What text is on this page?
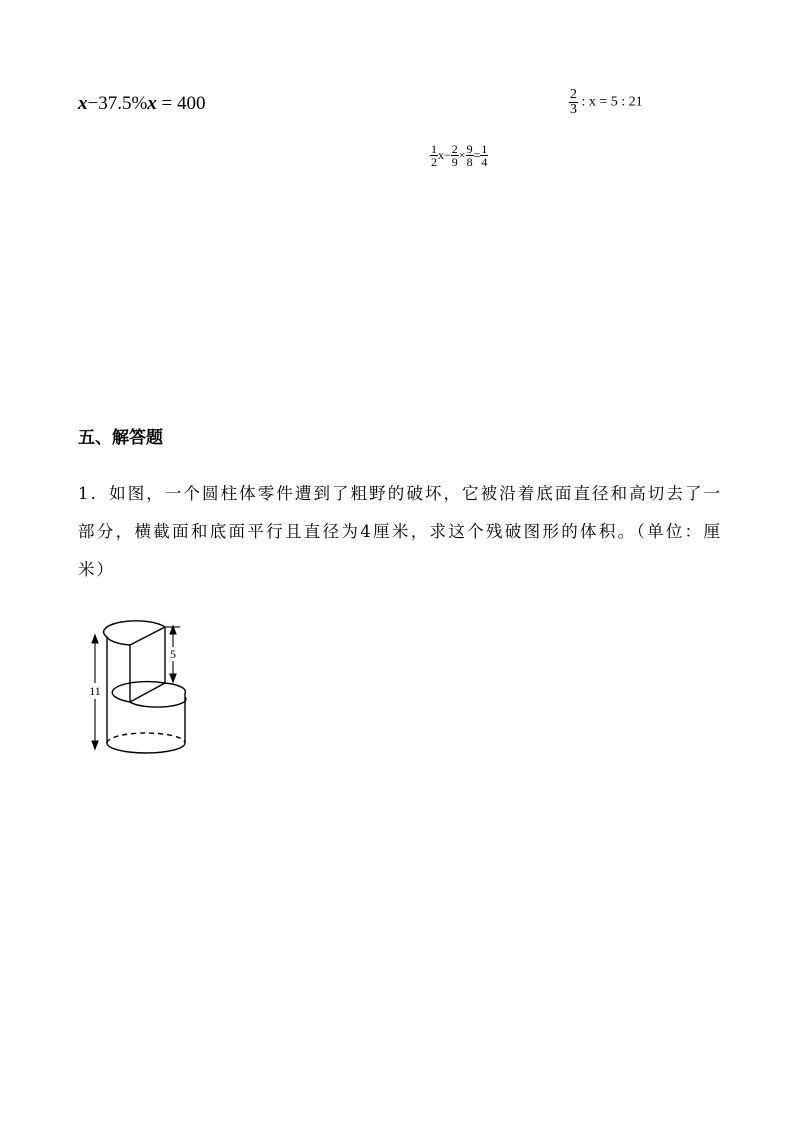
x−37.5%x = 400	$\frac{2}{3}$ : x = 5 : 21
$\frac{1}{2} x- \frac{2}{9} \times \frac{9}{8} = \frac{1}{4}$
五、解答题
1．如图，一个圆柱体零件遭到了粗野的破坏，它被沿着底面直径和高切去了一部分，横截面和底面平行且直径为4厘米，求这个残破图形的体积。（单位：厘米）
11
5
